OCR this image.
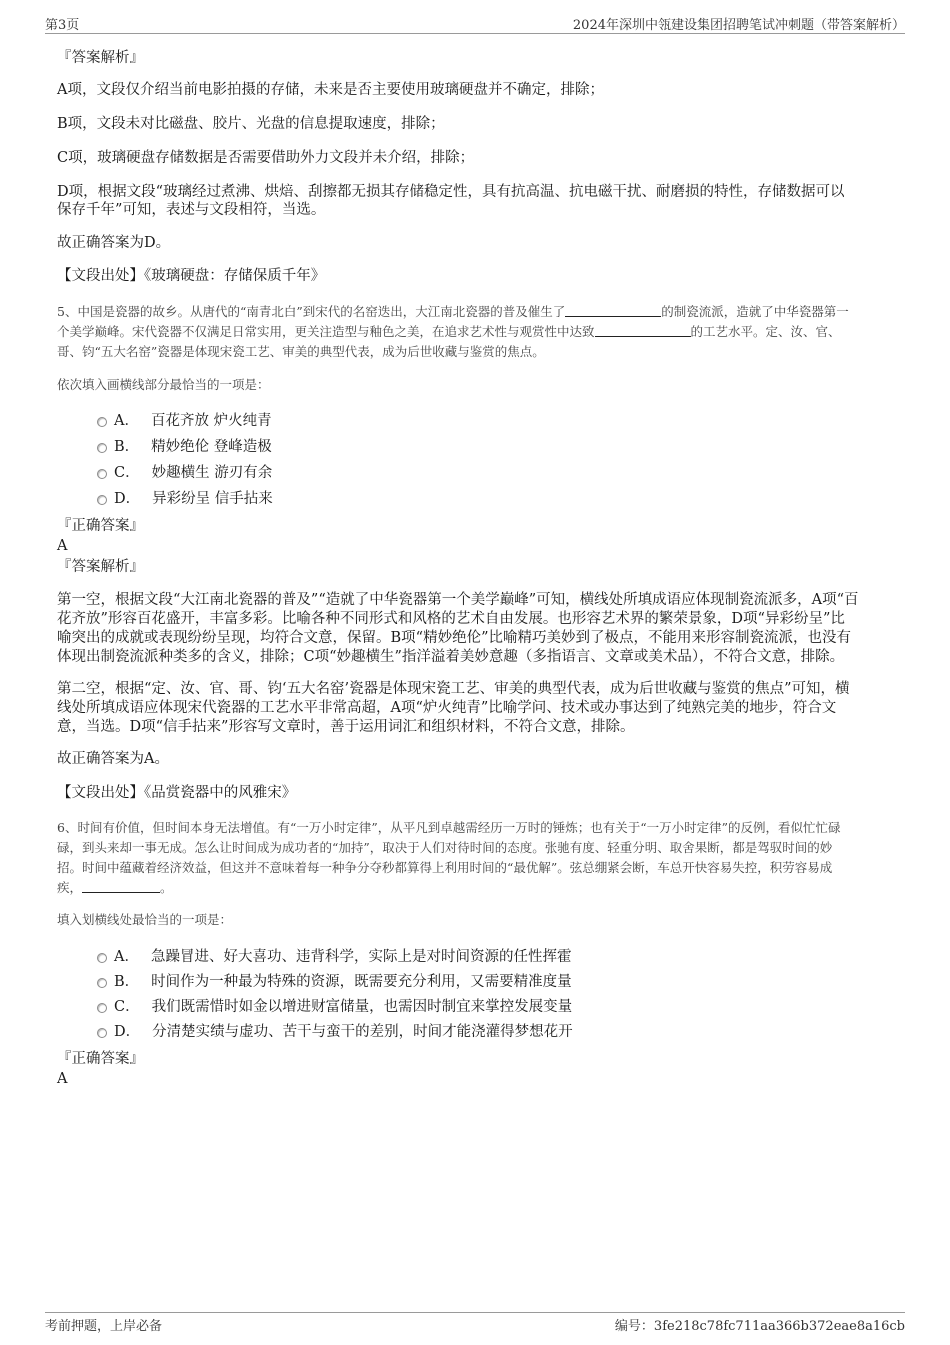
第3页	2024年深圳中瓴建设集团招聘笔试冲刺题（带答案解析）
『答案解析』
A项，文段仅介绍当前电影拍摄的存储，未来是否主要使用玻璃硬盘并不确定，排除；
B项，文段未对比磁盘、胶片、光盘的信息提取速度，排除；
C项，玻璃硬盘存储数据是否需要借助外力文段并未介绍，排除；
D项，根据文段“玻璃经过煮沸、烘焙、刮擦都无损其存储稳定性，具有抗高温、抗电磁干扰、耐磨损的特性，存储数据可以
保存千年”可知，表述与文段相符，当选。
故正确答案为D。
【文段出处】《玻璃硬盘：存储保质千年》
5、中国是瓷器的故乡。从唐代的“南青北白”到宋代的名窑迭出，大江南北瓷器的普及催生了	的制瓷流派，造就了中华瓷器第一
个美学巅峰。宋代瓷器不仅满足日常实用，更关注造型与釉色之美，在追求艺术性与观赏性中达致	的工艺水平。定、汝、官、
哥、钧“五大名窑”瓷器是体现宋瓷工艺、审美的典型代表，成为后世收藏与鉴赏的焦点。
依次填入画横线部分最恰当的一项是：
A． 百花齐放 炉火纯青
B． 精妙绝伦 登峰造极
C． 妙趣横生 游刃有余
D． 异彩纷呈 信手拈来
『正确答案』
A
『答案解析』
第一空，根据文段“大江南北瓷器的普及”“造就了中华瓷器第一个美学巅峰”可知，横线处所填成语应体现制瓷流派多，A项“百
花齐放”形容百花盛开，丰富多彩。比喻各种不同形式和风格的艺术自由发展。也形容艺术界的繁荣景象，D项“异彩纷呈”比
喻突出的成就或表现纷纷呈现，均符合文意，保留。B项“精妙绝伦”比喻精巧美妙到了极点，不能用来形容制瓷流派，也没有
体现出制瓷流派种类多的含义，排除；C项“妙趣横生”指洋溢着美妙意趣（多指语言、文章或美术品），不符合文意，排除。
第二空，根据“定、汝、官、哥、钧‘五大名窑’瓷器是体现宋瓷工艺、审美的典型代表，成为后世收藏与鉴赏的焦点”可知，横
线处所填成语应体现宋代瓷器的工艺水平非常高超，A项“炉火纯青”比喻学问、技术或办事达到了纯熟完美的地步，符合文
意，当选。D项“信手拈来”形容写文章时，善于运用词汇和组织材料，不符合文意，排除。
故正确答案为A。
【文段出处】《品赏瓷器中的风雅宋》
6、时间有价值，但时间本身无法增值。有“一万小时定律”，从平凡到卓越需经历一万时的锤炼；也有关于“一万小时定律”的反例，看似忙忙碌
碌，到头来却一事无成。怎么让时间成为成功者的“加持”，取决于人们对待时间的态度。张驰有度、轻重分明、取舍果断，都是驾驭时间的妙
招。时间中蕴藏着经济效益，但这并不意味着每一种争分夺秒都算得上利用时间的“最优解”。弦总绷紧会断，车总开快容易失控，积劳容易成
疾，	。
填入划横线处最恰当的一项是：
A． 急躁冒进、好大喜功、违背科学，实际上是对时间资源的任性挥霍
B． 时间作为一种最为特殊的资源，既需要充分利用，又需要精准度量
C． 我们既需惜时如金以增进财富储量，也需因时制宜来掌控发展变量
D． 分清楚实绩与虚功、苦干与蛮干的差别，时间才能浇灌得梦想花开
『正确答案』
A
考前押题，上岸必备	编号：3fe218c78fc711aa366b372eae8a16cb
